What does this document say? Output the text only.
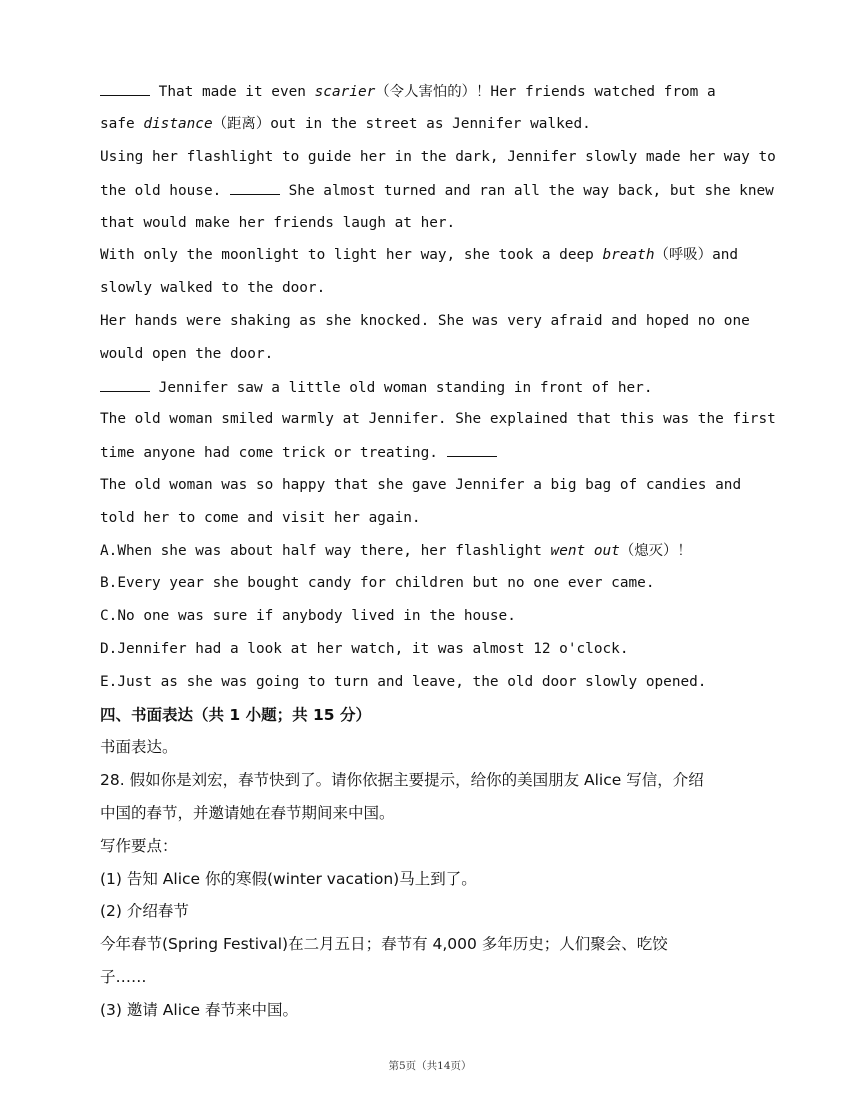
That made it even scarier（令人害怕的）！Her friends watched from a
safe distance（距离）out in the street as Jennifer walked.
Using her flashlight to guide her in the dark, Jennifer slowly made her way to
the old house.	She almost turned and ran all the way back, but she knew
that would make her friends laugh at her.
With only the moonlight to light her way, she took a deep breath（呼吸）and
slowly walked to the door.
Her hands were shaking as she knocked. She was very afraid and hoped no one
would open the door.
Jennifer saw a little old woman standing in front of her.
The old woman smiled warmly at Jennifer. She explained that this was the first
time anyone had come trick or treating.
The old woman was so happy that she gave Jennifer a big bag of candies and
told her to come and visit her again.
A.When she was about half way there, her flashlight went out（熄灭）！
B.Every year she bought candy for children but no one ever came.
C.No one was sure if anybody lived in the house.
D.Jennifer had a look at her watch, it was almost 12 o'clock.
E.Just as she was going to turn and leave, the old door slowly opened.
四、书面表达（共 1 小题；共 15 分）
书面表达。
28. 假如你是刘宏，春节快到了。请你依据主要提示，给你的美国朋友 Alice 写信，介绍
中国的春节，并邀请她在春节期间来中国。
写作要点：
(1) 告知 Alice 你的寒假(winter vacation)马上到了。
(2) 介绍春节
今年春节(Spring Festival)在二月五日；春节有 4,000 多年历史；人们聚会、吃饺
子……
(3) 邀请 Alice 春节来中国。
第5页（共14页）
